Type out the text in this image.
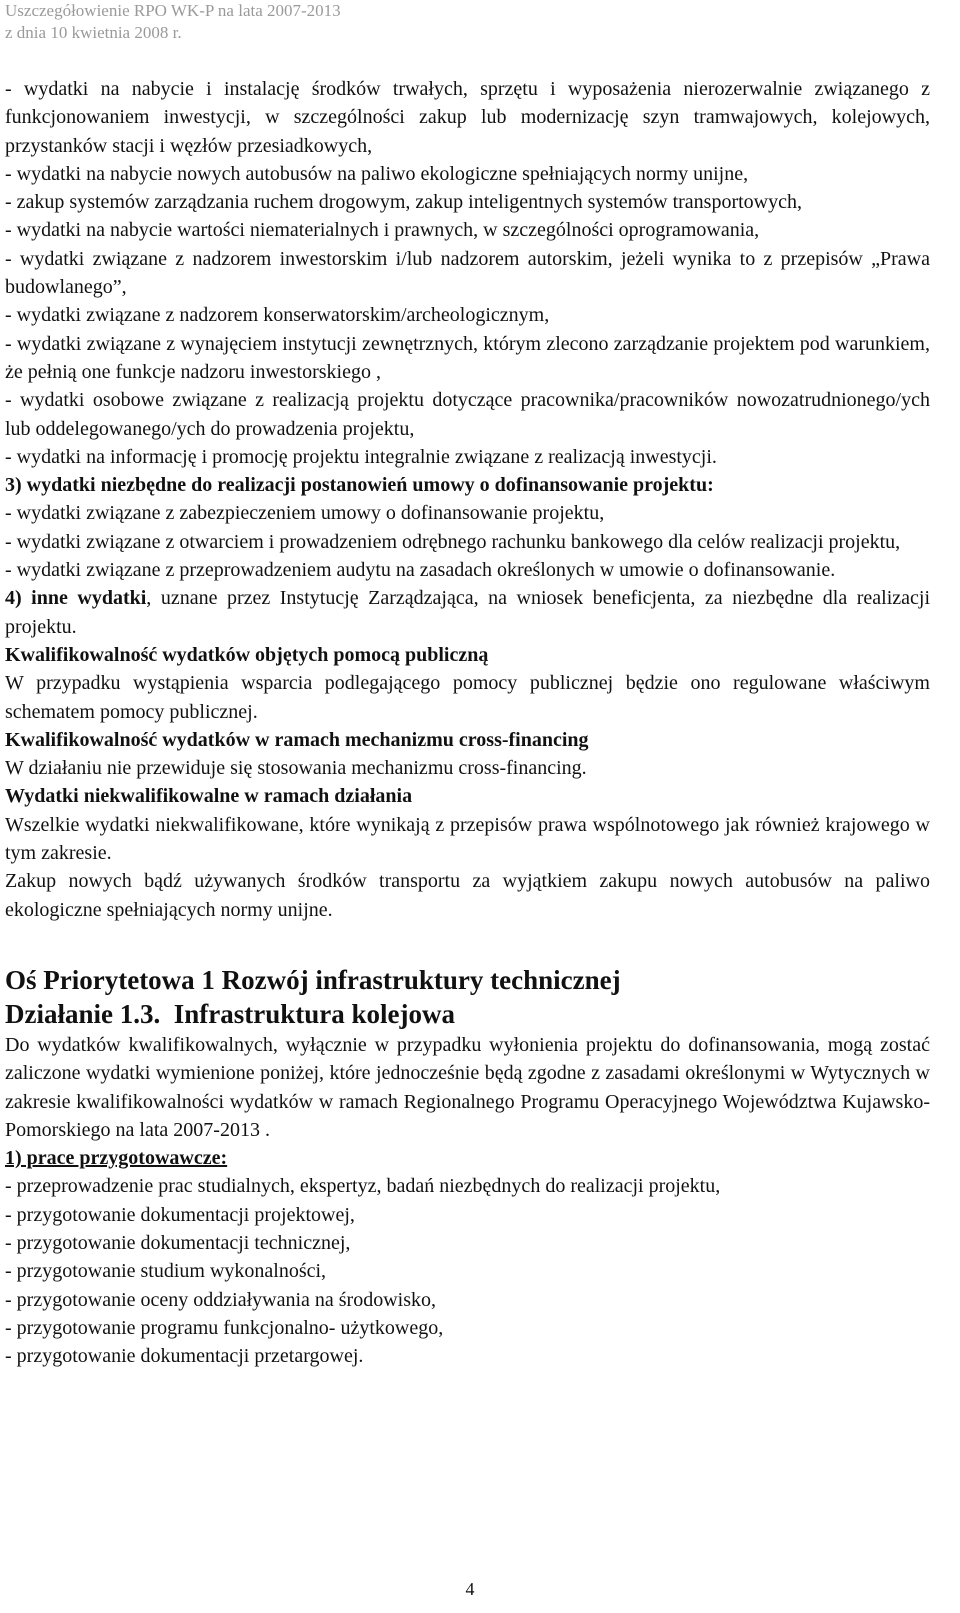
Uszczegółowienie RPO WK-P na lata 2007-2013
z dnia 10 kwietnia 2008 r.

- wydatki na nabycie i instalację środków trwałych, sprzętu i wyposażenia nierozerwalnie związanego z funkcjonowaniem inwestycji, w szczególności zakup lub modernizację szyn tramwajowych, kolejowych, przystanków stacji i węzłów przesiadkowych,

- wydatki na nabycie nowych autobusów na paliwo ekologiczne spełniających normy unijne,

- zakup systemów zarządzania ruchem drogowym, zakup inteligentnych systemów transportowych,

- wydatki na nabycie wartości niematerialnych i prawnych, w szczególności oprogramowania,

- wydatki związane z nadzorem inwestorskim i/lub nadzorem autorskim, jeżeli wynika to z przepisów „Prawa budowlanego”,

- wydatki związane z nadzorem konserwatorskim/archeologicznym,

- wydatki związane z wynajęciem instytucji zewnętrznych, którym zlecono zarządzanie projektem pod warunkiem, że pełnią one funkcje nadzoru inwestorskiego ,

- wydatki osobowe związane z realizacją projektu dotyczące pracownika/pracowników nowozatrudnionego/ych lub oddelegowanego/ych do prowadzenia projektu,

- wydatki na informację i promocję projektu integralnie związane z realizacją inwestycji.

3) wydatki niezbędne do realizacji postanowień umowy o dofinansowanie projektu:

- wydatki związane z zabezpieczeniem umowy o dofinansowanie projektu,

- wydatki związane z otwarciem i prowadzeniem odrębnego rachunku bankowego dla celów realizacji projektu,

- wydatki związane z przeprowadzeniem audytu na zasadach określonych w umowie o dofinansowanie.

4) inne wydatki, uznane przez Instytucję Zarządzająca, na wniosek beneficjenta, za niezbędne dla realizacji projektu.

Kwalifikowalność wydatków objętych pomocą publiczną

W przypadku wystąpienia wsparcia podlegającego pomocy publicznej będzie ono regulowane właściwym schematem pomocy publicznej.

Kwalifikowalność wydatków w ramach mechanizmu cross-financing

W działaniu nie przewiduje się stosowania mechanizmu cross-financing.

Wydatki niekwalifikowalne w ramach działania

Wszelkie wydatki niekwalifikowane, które wynikają z przepisów prawa wspólnotowego jak również krajowego w tym zakresie.

Zakup nowych bądź używanych środków transportu za wyjątkiem zakupu nowych autobusów na paliwo ekologiczne spełniających normy unijne.

Oś Priorytetowa 1 Rozwój infrastruktury technicznej

Działanie 1.3.  Infrastruktura kolejowa

Do wydatków kwalifikowalnych, wyłącznie w przypadku wyłonienia projektu do dofinansowania, mogą zostać zaliczone wydatki wymienione poniżej, które jednocześnie będą zgodne z zasadami określonymi w Wytycznych w zakresie kwalifikowalności wydatków w ramach Regionalnego Programu Operacyjnego Województwa Kujawsko-Pomorskiego na lata 2007-2013 .

1) prace przygotowawcze:

- przeprowadzenie prac studialnych, ekspertyz, badań niezbędnych do realizacji projektu,

- przygotowanie dokumentacji projektowej,

- przygotowanie dokumentacji technicznej,

- przygotowanie studium wykonalności,

- przygotowanie oceny oddziaływania na środowisko,

- przygotowanie programu funkcjonalno- użytkowego,

- przygotowanie dokumentacji przetargowej.

4
